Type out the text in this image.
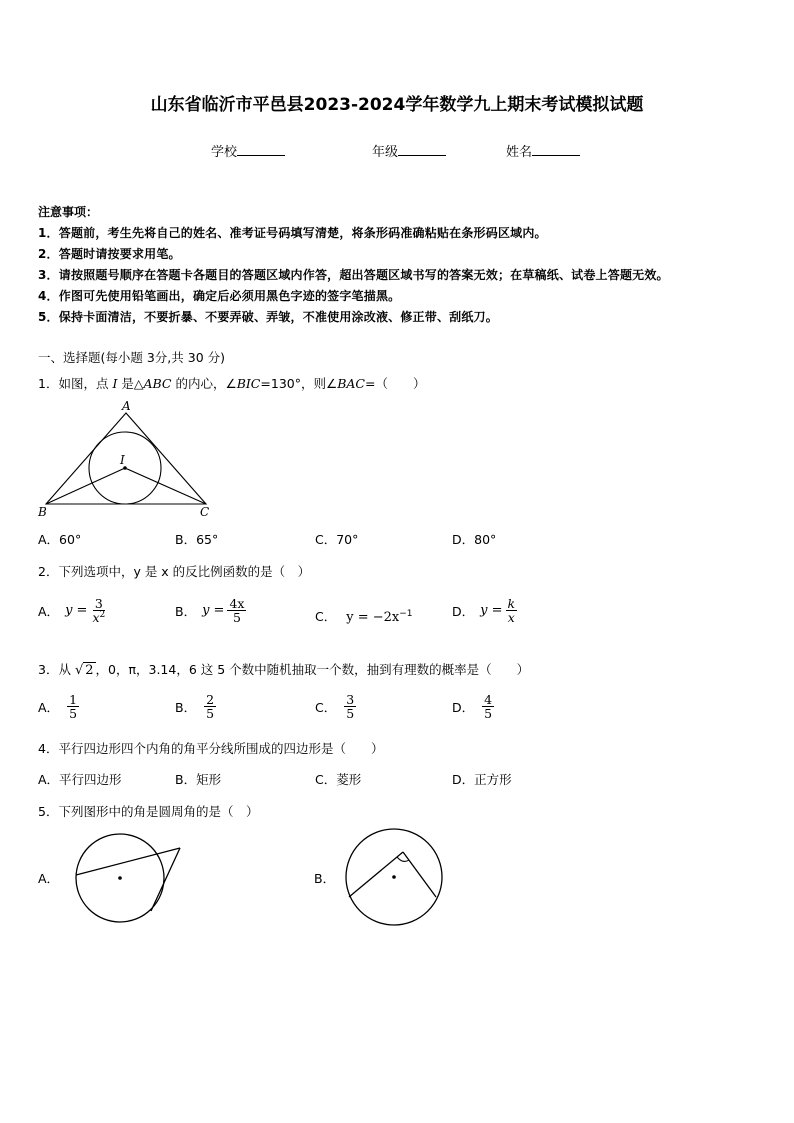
山东省临沂市平邑县2023-2024学年数学九上期末考试模拟试题
学校	年级	姓名
注意事项：
1．答题前，考生先将自己的姓名、准考证号码填写清楚，将条形码准确粘贴在条形码区域内。
2．答题时请按要求用笔。
3．请按照题号顺序在答题卡各题目的答题区域内作答，超出答题区域书写的答案无效；在草稿纸、试卷上答题无效。
4．作图可先使用铅笔画出，确定后必须用黑色字迹的签字笔描黑。
5．保持卡面清洁，不要折暴、不要弄破、弄皱，不准使用涂改液、修正带、刮纸刀。
一、选择题(每小题 3分,共 30 分)
1．如图，点 I 是△ABC 的内心，∠BIC=130°，则∠BAC=（　　）
A
B	C
I
A．60°	B．65°	C．70°	D．80°
2．下列选项中，y 是 x 的反比例函数的是（　）
A． $y = \frac{3}{x^2}$	B． $y = \frac{4x}{5}$	C． $y = -2x^{-1}$	D． $y = \frac{k}{x}$
3．从 √ 2 ，0，π，3.14，6 这 5 个数中随机抽取一个数，抽到有理数的概率是（　　）
A． $\frac{1}{5}$	B． $\frac{2}{5}$	C． $\frac{3}{5}$	D． $\frac{4}{5}$
4．平行四边形四个内角的角平分线所围成的四边形是（　　）
A．平行四边形	B．矩形	C．菱形	D．正方形
5．下列图形中的角是圆周角的是（　）
A．	B．
